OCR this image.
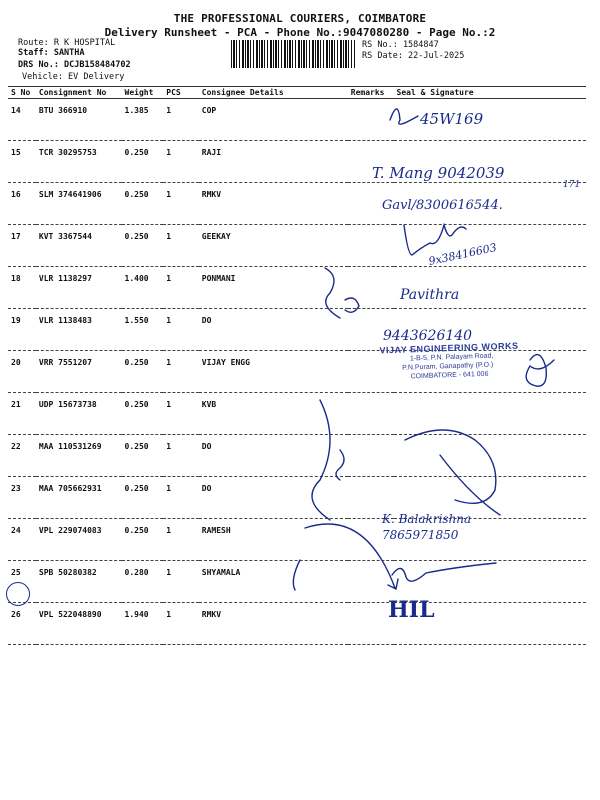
THE PROFESSIONAL COURIERS, COIMBATORE
Delivery Runsheet - PCA - Phone No.:9047080280 - Page No.:2
Route: R K HOSPITAL
Staff: SANTHA
DRS No.: DCJB158484702
Vehicle: EV Delivery
RS No.: 1584847
RS Date: 22-Jul-2025
S No	Consignment No	Weight	PCS	Consignee Details	Remarks	Seal & Signature
14	BTU 366910	1.385	1	COP		
15	TCR 30295753	0.250	1	RAJI		
16	SLM 374641906	0.250	1	RMKV		
17	KVT 3367544	0.250	1	GEEKAY		
18	VLR 1138297	1.400	1	PONMANI		
19	VLR 1138483	1.550	1	DO		
20	VRR 7551207	0.250	1	VIJAY ENGG		
21	UDP 15673738	0.250	1	KVB		
22	MAA 110531269	0.250	1	DO		
23	MAA 705662931	0.250	1	DO		
24	VPL 229074083	0.250	1	RAMESH		
25	SPB 50280382	0.280	1	SHYAMALA		
26	VPL 522048890	1.940	1	RMKV		
45W169
T. Mang 9042039
171
Gavl/8300616544.
9x38416603
Pavithra
9443626140
K. Balakrishna
7865971850
HIL
VIJAY ENGINEERING WORKS
1-B-5, P.N. Palayam Road,
P.N.Puram, Ganapathy (P.O.)
COIMBATORE - 641 006
